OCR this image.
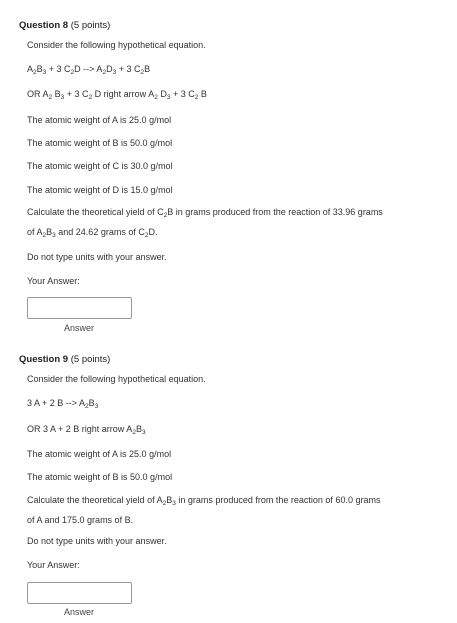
Question 8 (5 points)
Consider the following hypothetical equation.
$A_2B_3 + 3$ $C_2D$ --> $A_2D_3 + 3$ $C_2B$
OR $A_2$ $B_3 + 3$ $C_2$ D right arrow $A_2$ $D_3 + 3$ $C_2$ B
The atomic weight of A is 25.0 g/mol
The atomic weight of B is 50.0 g/mol
The atomic weight of C is 30.0 g/mol
The atomic weight of D is 15.0 g/mol
Calculate the theoretical yield of $C_2B$ in grams produced from the reaction of 33.96 grams of $A_2B_3$ and 24.62 grams of $C_2D$.
Do not type units with your answer.
Your Answer:
Answer
Question 9 (5 points)
Consider the following hypothetical equation.
3 A + 2 B --> $A_2B_3$
OR 3 A + 2 B right arrow $A_2B_3$
The atomic weight of A is 25.0 g/mol
The atomic weight of B is 50.0 g/mol
Calculate the theoretical yield of $A_2B_3$ in grams produced from the reaction of 60.0 grams of A and 175.0 grams of B.
Do not type units with your answer.
Your Answer:
Answer
